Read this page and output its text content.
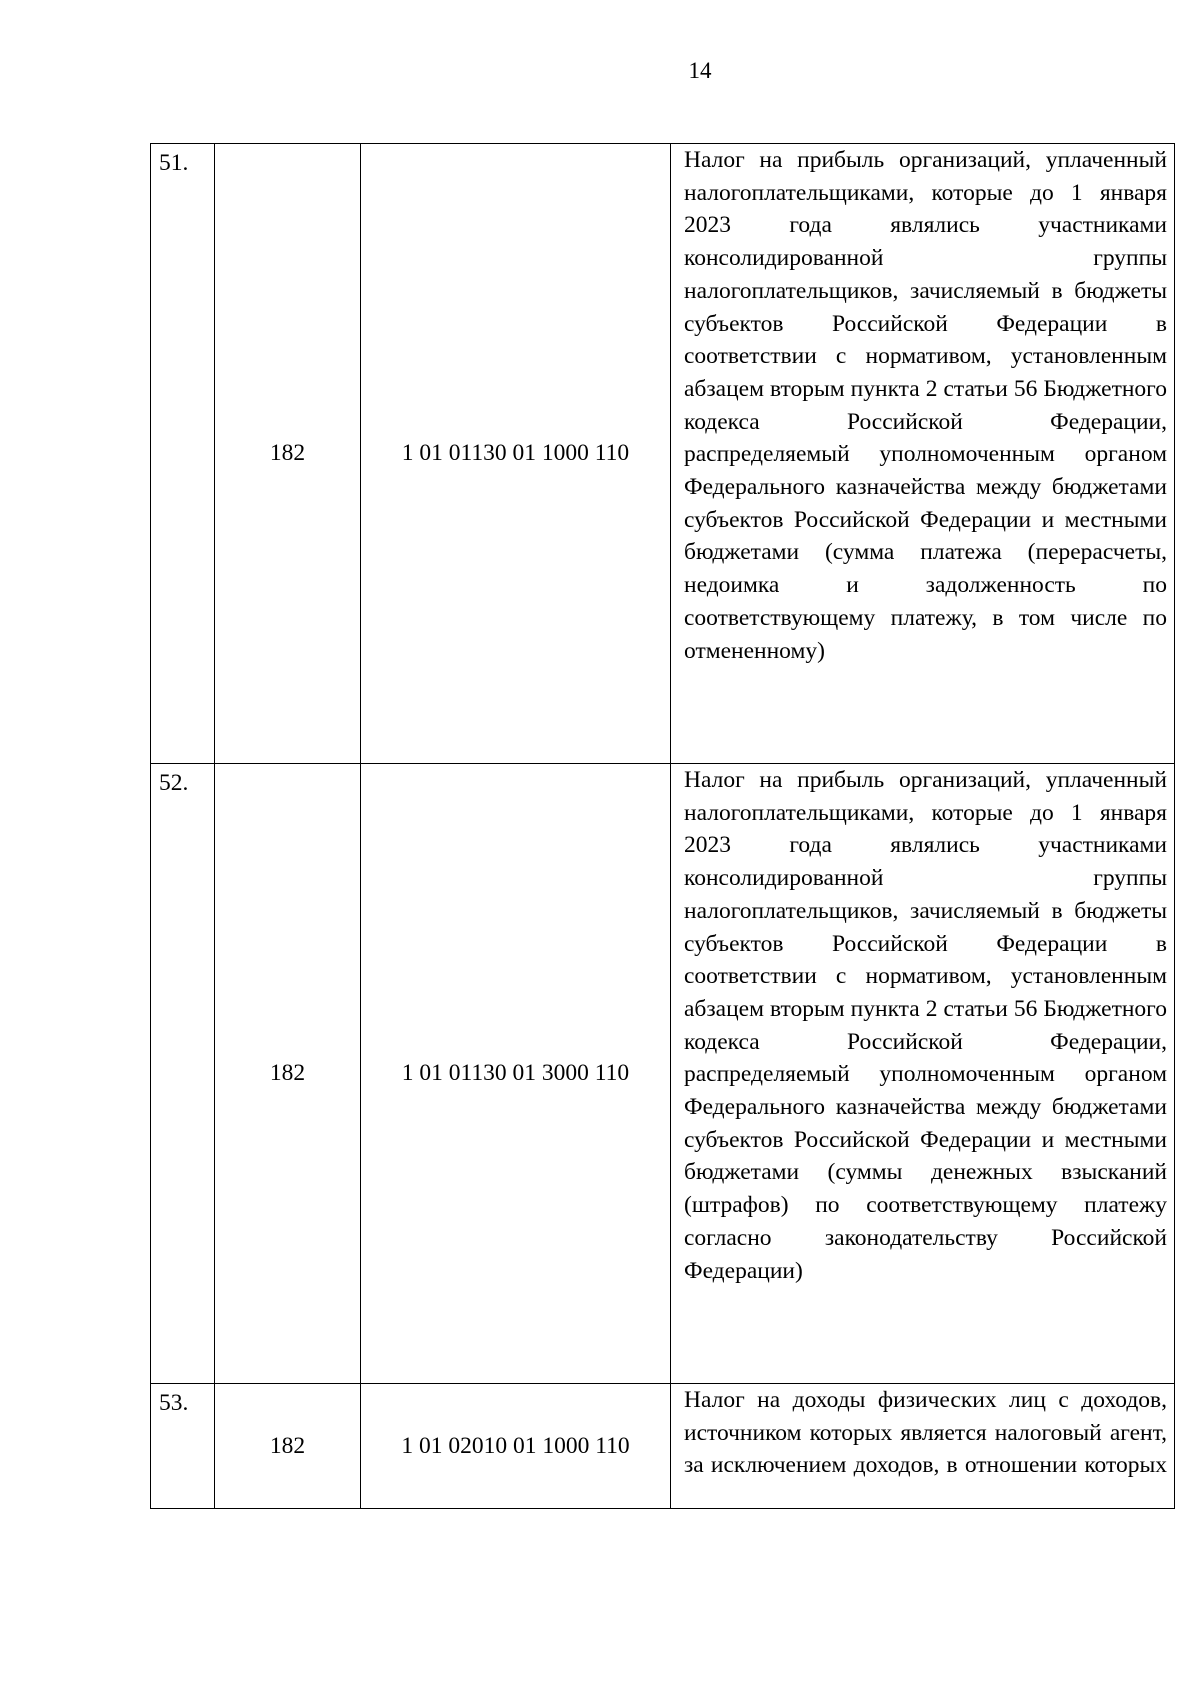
14
51.	182	1 01 01130 01 1000 110	Налог на прибыль организаций, уплаченный налогоплательщиками, которые до 1 января 2023 года являлись участниками консолидированной группы налогоплательщиков, зачисляемый в бюджеты субъектов Российской Федерации в соответствии с нормативом, установленным абзацем вторым пункта 2 статьи 56 Бюджетного кодекса Российской Федерации, распределяемый уполномоченным органом Федерального казначейства между бюджетами субъектов Российской Федерации и местными бюджетами (сумма платежа (перерасчеты, недоимка и задолженность по соответствующему платежу, в том числе по отмененному)
52.	182	1 01 01130 01 3000 110	Налог на прибыль организаций, уплаченный налогоплательщиками, которые до 1 января 2023 года являлись участниками консолидированной группы налогоплательщиков, зачисляемый в бюджеты субъектов Российской Федерации в соответствии с нормативом, установленным абзацем вторым пункта 2 статьи 56 Бюджетного кодекса Российской Федерации, распределяемый уполномоченным органом Федерального казначейства между бюджетами субъектов Российской Федерации и местными бюджетами (суммы денежных взысканий (штрафов) по соответствующему платежу согласно законодательству Российской Федерации)
53.	182	1 01 02010 01 1000 110	Налог на доходы физических лиц с доходов, источником которых является налоговый агент, за исключением доходов, в отношении которых
